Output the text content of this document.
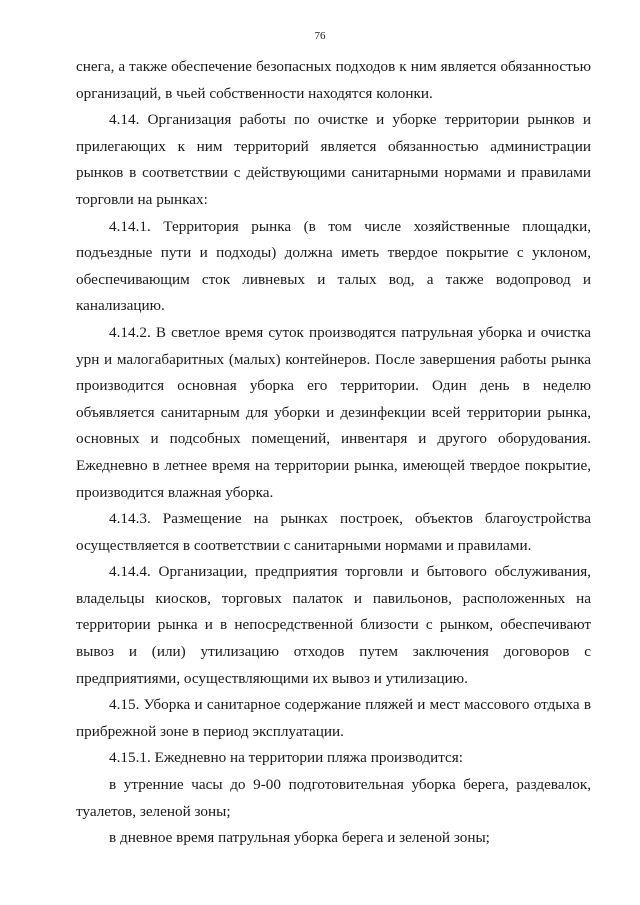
76

снега, а также обеспечение безопасных подходов к ним является обязанностью организаций, в чьей собственности находятся колонки.

4.14. Организация работы по очистке и уборке территории рынков и прилегающих к ним территорий является обязанностью администрации рынков в соответствии с действующими санитарными нормами и правилами торговли на рынках:

4.14.1. Территория рынка (в том числе хозяйственные площадки, подъездные пути и подходы) должна иметь твердое покрытие с уклоном, обеспечивающим сток ливневых и талых вод, а также водопровод и канализацию.

4.14.2. В светлое время суток производятся патрульная уборка и очистка урн и малогабаритных (малых) контейнеров. После завершения работы рынка производится основная уборка его территории. Один день в неделю объявляется санитарным для уборки и дезинфекции всей территории рынка, основных и подсобных помещений, инвентаря и другого оборудования. Ежедневно в летнее время на территории рынка, имеющей твердое покрытие, производится влажная уборка.

4.14.3. Размещение на рынках построек, объектов благоустройства осуществляется в соответствии с санитарными нормами и правилами.

4.14.4. Организации, предприятия торговли и бытового обслуживания, владельцы киосков, торговых палаток и павильонов, расположенных на территории рынка и в непосредственной близости с рынком, обеспечивают вывоз и (или) утилизацию отходов путем заключения договоров с предприятиями, осуществляющими их вывоз и утилизацию.

4.15. Уборка и санитарное содержание пляжей и мест массового отдыха в прибрежной зоне в период эксплуатации.

4.15.1. Ежедневно на территории пляжа производится:

в утренние часы до 9-00 подготовительная уборка берега, раздевалок, туалетов, зеленой зоны;

в дневное время патрульная уборка берега и зеленой зоны;
